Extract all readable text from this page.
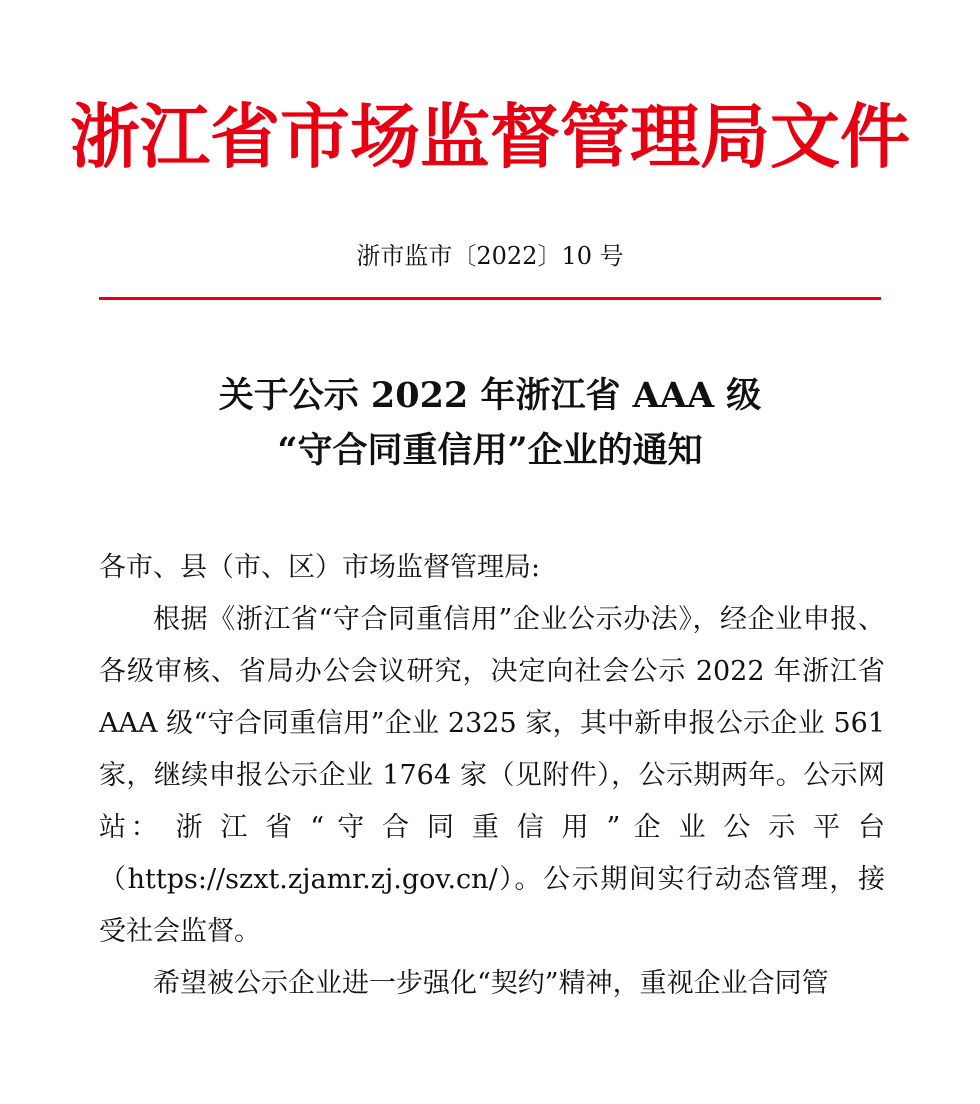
浙江省市场监督管理局文件
浙市监市〔2022〕10 号
关于公示 2022 年浙江省 AAA 级
“守合同重信用”企业的通知

各市、县（市、区）市场监督管理局:

根据《浙江省“守合同重信用”企业公示办法》，经企业申报、各级审核、省局办公会议研究，决定向社会公示 2022 年浙江省 AAA 级“守合同重信用”企业 2325 家，其中新申报公示企业 561 家，继续申报公示企业 1764 家（见附件），公示期两年。公示网站： 浙 江 省 “ 守 合 同 重 信 用 ” 企 业 公 示 平 台（https://szxt.zjamr.zj.gov.cn/）。公示期间实行动态管理，接受社会监督。

希望被公示企业进一步强化“契约”精神，重视企业合同管
